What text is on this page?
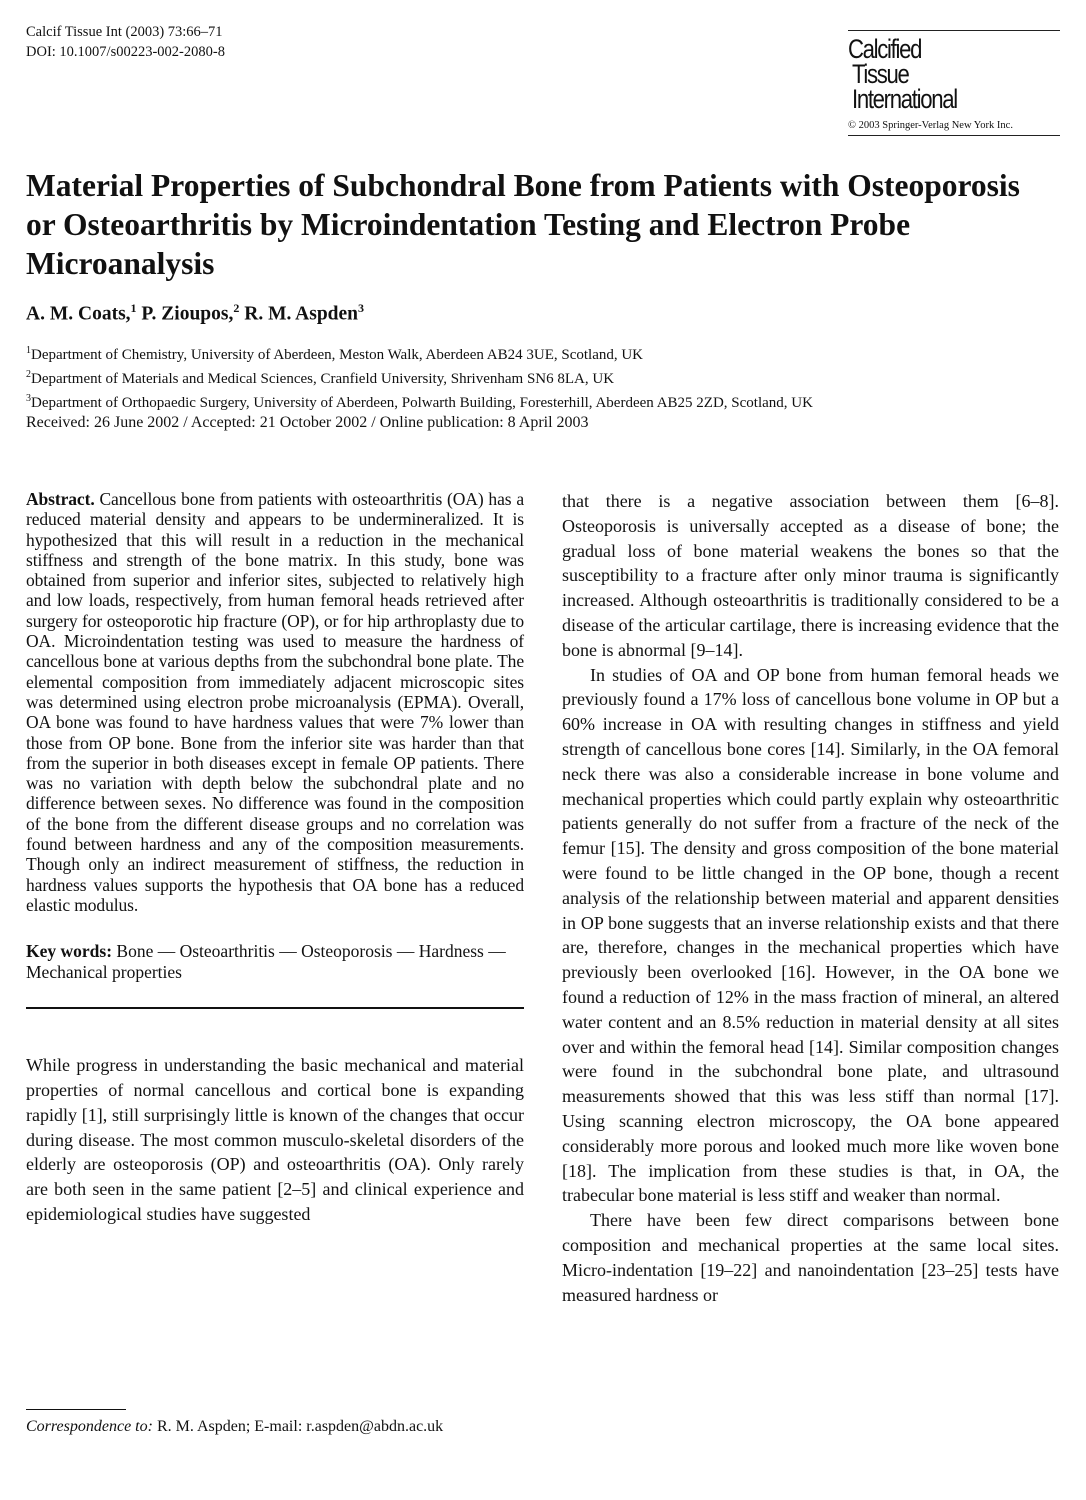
Calcif Tissue Int (2003) 73:66–71
DOI: 10.1007/s00223-002-2080-8	Calcified
Tissue
International
© 2003 Springer-Verlag New York Inc.
Material Properties of Subchondral Bone from Patients with Osteoporosis or Osteoarthritis by Microindentation Testing and Electron Probe Microanalysis
A. M. Coats,$^1$ P. Zioupos,$^2$ R. M. Aspden$^3$
$^1$Department of Chemistry, University of Aberdeen, Meston Walk, Aberdeen AB24 3UE, Scotland, UK
$^2$Department of Materials and Medical Sciences, Cranfield University, Shrivenham SN6 8LA, UK
$^3$Department of Orthopaedic Surgery, University of Aberdeen, Polwarth Building, Foresterhill, Aberdeen AB25 2ZD, Scotland, UK
Received: 26 June 2002 / Accepted: 21 October 2002 / Online publication: 8 April 2003

Abstract. Cancellous bone from patients with osteoarthritis (OA) has a reduced material density and appears to be undermineralized. It is hypothesized that this will result in a reduction in the mechanical stiffness and strength of the bone matrix. In this study, bone was obtained from superior and inferior sites, subjected to relatively high and low loads, respectively, from human femoral heads retrieved after surgery for osteoporotic hip fracture (OP), or for hip arthroplasty due to OA. Microindentation testing was used to measure the hardness of cancellous bone at various depths from the subchondral bone plate. The elemental composition from immediately adjacent microscopic sites was determined using electron probe microanalysis (EPMA). Overall, OA bone was found to have hardness values that were 7% lower than those from OP bone. Bone from the inferior site was harder than that from the superior in both diseases except in female OP patients. There was no variation with depth below the subchondral plate and no difference between sexes. No difference was found in the composition of the bone from the different disease groups and no correlation was found between hardness and any of the composition measurements. Though only an indirect measurement of stiffness, the reduction in hardness values supports the hypothesis that OA bone has a reduced elastic modulus.

Key words: Bone — Osteoarthritis — Osteoporosis — Hardness — Mechanical properties

While progress in understanding the basic mechanical and material properties of normal cancellous and cortical bone is expanding rapidly [1], still surprisingly little is known of the changes that occur during disease. The most common musculo-skeletal disorders of the elderly are osteoporosis (OP) and osteoarthritis (OA). Only rarely are both seen in the same patient [2–5] and clinical experience and epidemiological studies have suggested

that there is a negative association between them [6–8]. Osteoporosis is universally accepted as a disease of bone; the gradual loss of bone material weakens the bones so that the susceptibility to a fracture after only minor trauma is significantly increased. Although osteoarthritis is traditionally considered to be a disease of the articular cartilage, there is increasing evidence that the bone is abnormal [9–14].

In studies of OA and OP bone from human femoral heads we previously found a 17% loss of cancellous bone volume in OP but a 60% increase in OA with resulting changes in stiffness and yield strength of cancellous bone cores [14]. Similarly, in the OA femoral neck there was also a considerable increase in bone volume and mechanical properties which could partly explain why osteoarthritic patients generally do not suffer from a fracture of the neck of the femur [15]. The density and gross composition of the bone material were found to be little changed in the OP bone, though a recent analysis of the relationship between material and apparent densities in OP bone suggests that an inverse relationship exists and that there are, therefore, changes in the mechanical properties which have previously been overlooked [16]. However, in the OA bone we found a reduction of 12% in the mass fraction of mineral, an altered water content and an 8.5% reduction in material density at all sites over and within the femoral head [14]. Similar composition changes were found in the subchondral bone plate, and ultrasound measurements showed that this was less stiff than normal [17]. Using scanning electron microscopy, the OA bone appeared considerably more porous and looked much more like woven bone [18]. The implication from these studies is that, in OA, the trabecular bone material is less stiff and weaker than normal.

There have been few direct comparisons between bone composition and mechanical properties at the same local sites. Micro-indentation [19–22] and nanoindentation [23–25] tests have measured hardness or

Correspondence to: R. M. Aspden; E-mail: r.aspden@abdn.ac.uk
